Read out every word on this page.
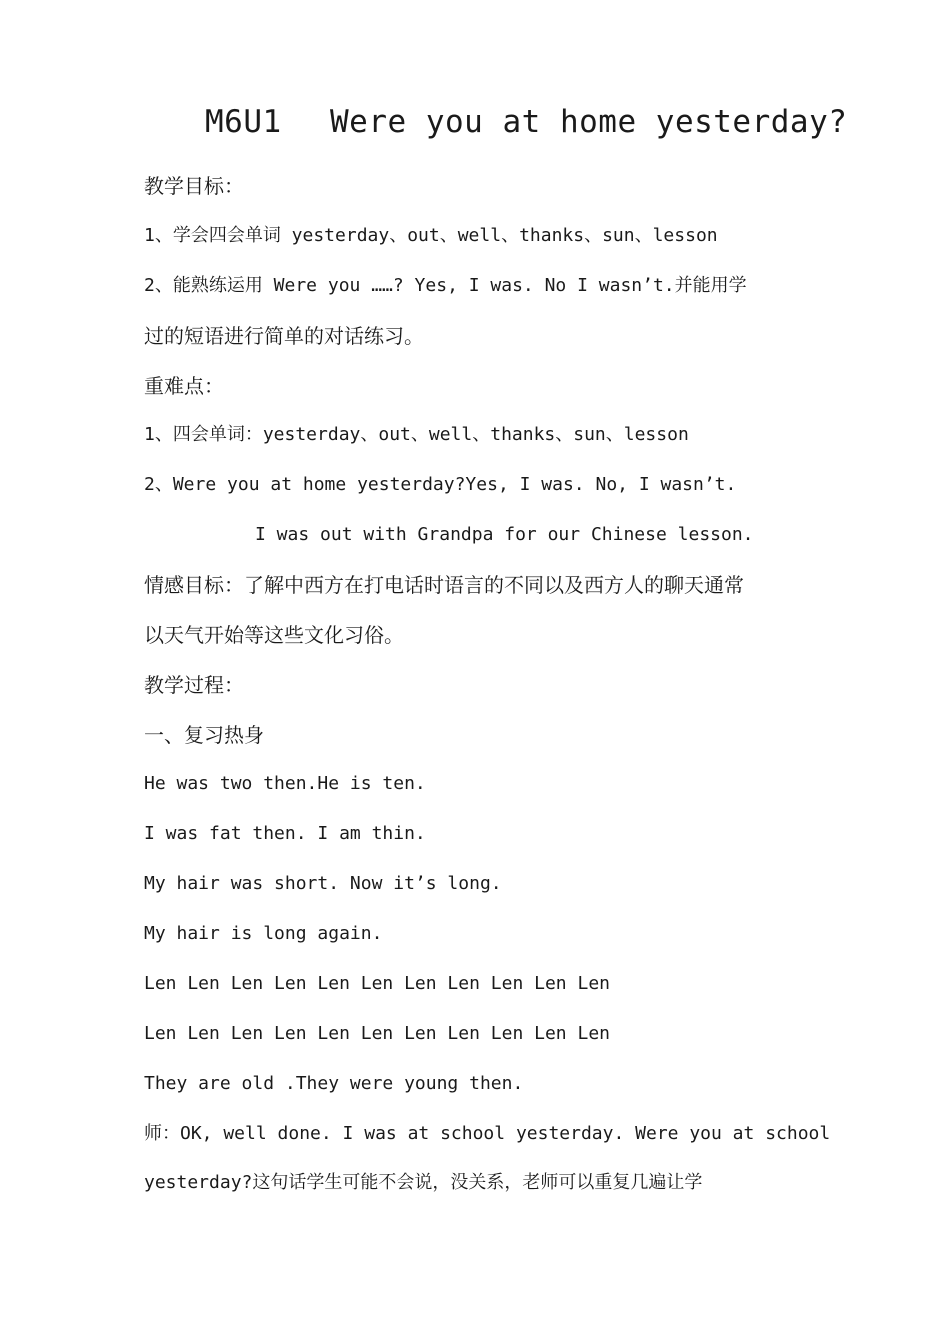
M6U1 Were you at home yesterday?
教学目标：
1、学会四会单词 yesterday、out、well、thanks、sun、lesson
2、能熟练运用 Were you ……? Yes, I was. No I wasn’t.并能用学
过的短语进行简单的对话练习。
重难点：
1、四会单词：yesterday、out、well、thanks、sun、lesson
2、Were you at home yesterday?Yes, I was. No, I wasn’t.
I was out with Grandpa for our Chinese lesson.
情感目标：了解中西方在打电话时语言的不同以及西方人的聊天通常
以天气开始等这些文化习俗。
教学过程：
一、复习热身
He was two then.He is ten.
I was fat then. I am thin.
My hair was short. Now it’s long.
My hair is long again.
Len Len Len Len Len Len Len Len Len Len Len
Len Len Len Len Len Len Len Len Len Len Len
They are old .They were young then.
师：OK, well done. I was at school yesterday. Were you at school
yesterday?这句话学生可能不会说，没关系，老师可以重复几遍让学
